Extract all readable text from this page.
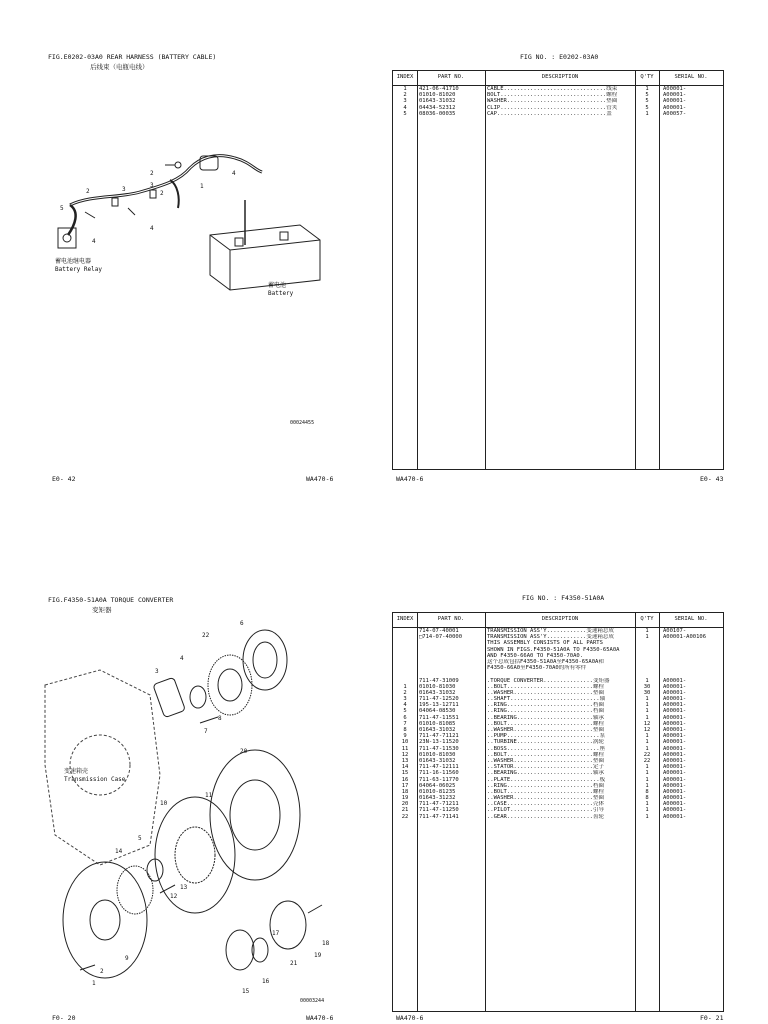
FIG.E0202-03A0 REAR HARNESS (BATTERY CABLE)
后线束（电瓶电线）
2
3
2
1
4
2	3
5
4
4
蓄电池继电器
Battery Relay
蓄电池
Battery
00024455
E0- 42	WA470-6
FIG NO. : E0202-03A0
INDEX	PART NO.	DESCRIPTION	Q'TY	SERIAL NO.
1	421-06-41710	CABLE...............................线束	1	A00001-
2	01010-81020	BOLT................................螺栓	5	A00001-
3	01643-31032	WASHER..............................垫圈	5	A00001-
4	04434-52312	CLIP................................管夹	5	A00001-
5	08036-00035	CAP.................................盖	1	A00057-
WA470-6	E0- 43
FIG.F4350-51A0A TORQUE CONVERTER
变矩器
22
6
4
3
8
7
20
11
10
5
14
13
12
9
2
1	16
15
21
17
18
19
变速箱壳
Transmission Case
00003244
F0- 20	WA470-6
FIG NO. : F4350-51A0A
INDEX	PART NO.	DESCRIPTION	Q'TY	SERIAL NO.
714-07-40001	TRANSMISSION ASS'Y............变速箱总成	1	A00107-
□714-07-40000	TRANSMISSION ASS'Y............变速箱总成	1	A00001-A00106
THIS ASSEMBLY CONSISTS OF ALL PARTS
SHOWN IN FIGS.F4350-51A0A TO F4350-65A0A
AND F4350-66A0 TO F4350-70A0.
这个总成包括F4350-51A0A至F4350-65A0A和
F4350-66A0至F4350-70A0的所有零件
711-47-31009	.TORQUE CONVERTER...............变矩器	1	A00001-
1	01010-81030	..BOLT..........................螺栓	30	A00001-
2	01643-31032	..WASHER........................垫圈	30	A00001-
3	711-47-12520	..SHAFT...........................轴	1	A00001-
4	195-13-12711	..RING..........................档圈	1	A00001-
5	04064-08530	..RING..........................档圈	1	A00001-
6	711-47-11551	..BEARING.......................轴承	1	A00001-
7	01010-81085	..BOLT..........................螺栓	12	A00001-
8	01643-31032	..WASHER........................垫圈	12	A00001-
9	711-47-71121	..PUMP............................泵	1	A00001-
10	23N-13-11520	..TURBINE.......................涡轮	1	A00001-
11	711-47-11530	..BOSS............................座	1	A00001-
12	01010-81030	..BOLT..........................螺栓	22	A00001-
13	01643-31032	..WASHER........................垫圈	22	A00001-
14	711-47-12111	..STATOR........................定子	1	A00001-
15	711-16-11560	..BEARING.......................轴承	1	A00001-
16	711-63-11770	..PLATE...........................板	1	A00001-
17	04064-06025	..RING..........................档圈	1	A00001-
18	01010-81235	..BOLT..........................螺栓	8	A00001-
19	01643-31232	..WASHER........................垫圈	8	A00001-
20	711-47-71211	..CASE..........................壳体	1	A00001-
21	711-47-11250	..PILOT.........................引导	1	A00001-
22	711-47-71141	..GEAR..........................齿轮	1	A00001-
WA470-6	F0- 21
